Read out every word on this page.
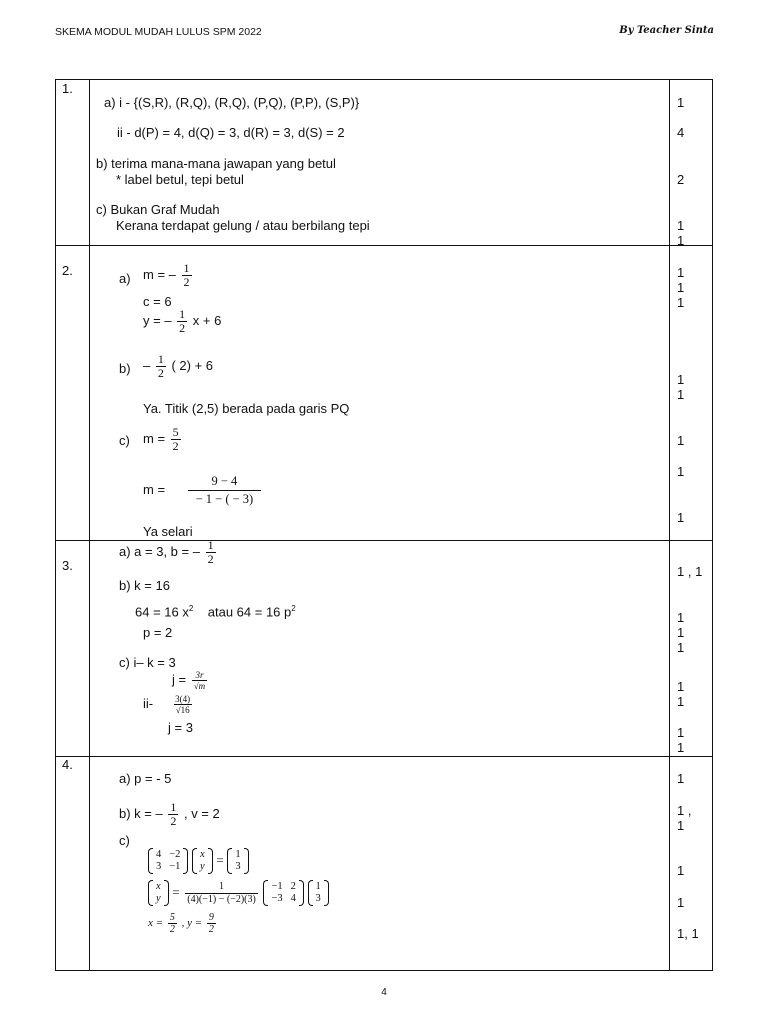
SKEMA MODUL MUDAH LULUS SPM 2022	By Teacher Sinta
1.
a) i - {(S,R), (R,Q), (R,Q), (P,Q), (P,P), (S,P)}
ii - d(P) = 4, d(Q) = 3, d(R) = 3, d(S) = 2
b) terima mana-mana jawapan yang betul
* label betul, tepi betul
c) Bukan Graf Mudah
Kerana terdapat gelung / atau berbilang tepi
1
4
2
1
1
2.
a) m = – $\frac{1}{2}$
c = 6
y = – $\frac{1}{2}$ x + 6
$b) - \frac{1}{2}$ ( 2) + 6
Ya. Titik (2,5) berada pada garis PQ
c) $m = \frac{5}{2}$
$m = \frac{9 - 4}{- 1 - ( - 3)}$
Ya selari
1
1
1
1
1
1
1
1
3.
a) a = 3, b = – $\frac{1}{2}$
b) k = 16
64 = 16 $x^2$ atau 64 = 16 $p^2$
p = 2
c) i– k = 3
$j = \frac{3r}{√m}$
$ii- \frac{3(4)}{√16}$
j = 3
1 , 1
1
1
1
1
1
1
1
4.
a) p = - 5
b) k = – $\frac{1}{2}$ , v = 2
c)
4 −2
3 −1

x
y = 1
3
x
$y = \frac{1}{(4)(-1) - (-2)(3)}$
−1 2
−3 4

1
3
$x = \frac{5}{2}$ , $y = \frac{9}{2}$
1
1 ,
1
1
1
1, 1
4
